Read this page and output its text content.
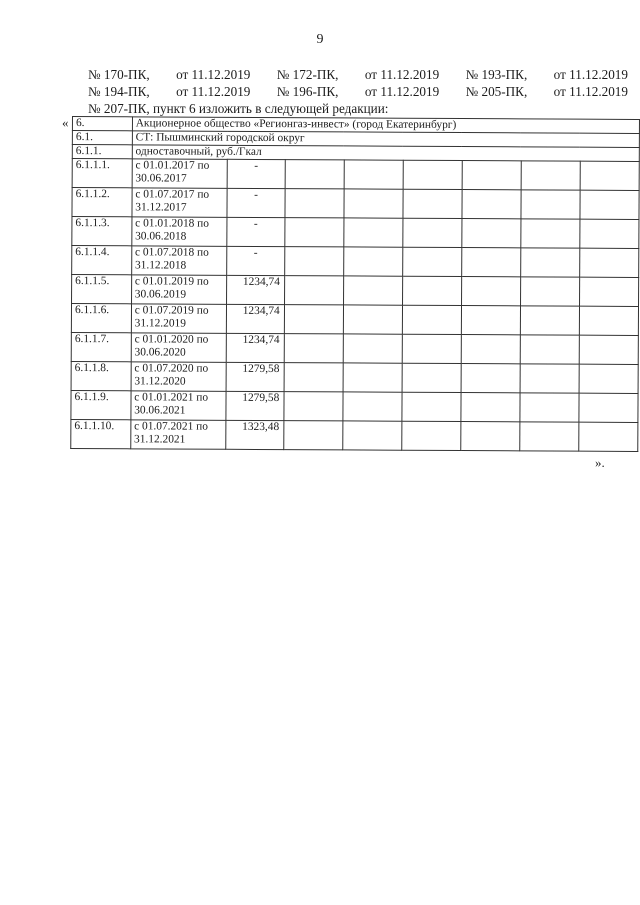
9
№ 170-ПК, от 11.12.2019 № 172-ПК, от 11.12.2019 № 193-ПК, от 11.12.2019
№ 194-ПК, от 11.12.2019 № 196-ПК, от 11.12.2019 № 205-ПК, от 11.12.2019
№ 207-ПК, пункт 6 изложить в следующей редакции:
« 6.	Акционерное общество «Регионгаз-инвест» (город Екатеринбург)							
6.1.	СТ: Пышминский городской округ							
6.1.1.	одноставочный, руб./Гкал							
6.1.1.1.	с 01.01.2017 по 30.06.2017	-						
6.1.1.2.	с 01.07.2017 по 31.12.2017	-						
6.1.1.3.	с 01.01.2018 по 30.06.2018	-						
6.1.1.4.	с 01.07.2018 по 31.12.2018	-						
6.1.1.5.	с 01.01.2019 по 30.06.2019	1234,74						
6.1.1.6.	с 01.07.2019 по 31.12.2019	1234,74						
6.1.1.7.	с 01.01.2020 по 30.06.2020	1234,74						
6.1.1.8.	с 01.07.2020 по 31.12.2020	1279,58						
6.1.1.9.	с 01.01.2021 по 30.06.2021	1279,58						
6.1.1.10.	с 01.07.2021 по 31.12.2021	1323,48						
».
